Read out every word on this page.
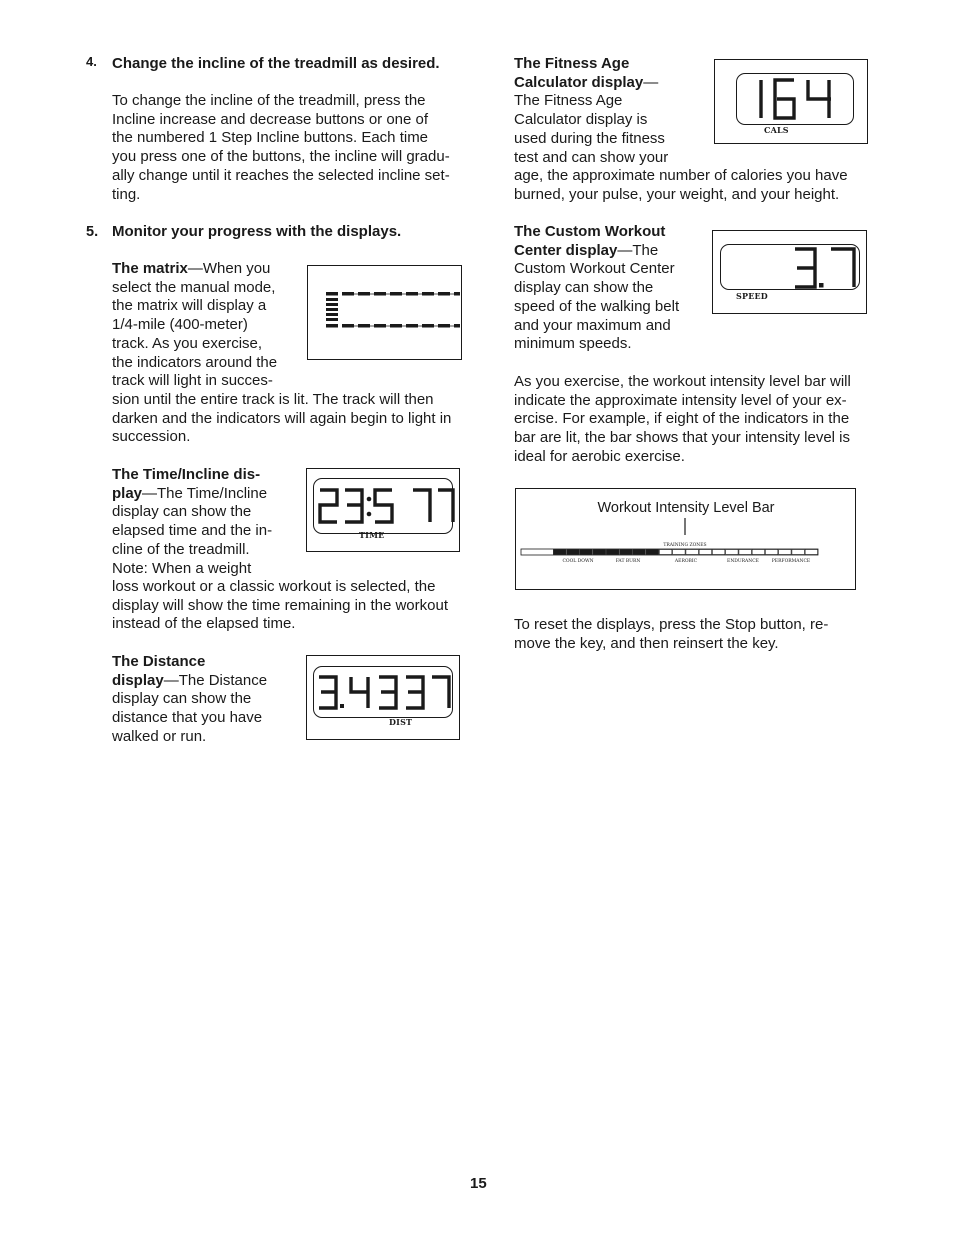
4. Change the incline of the treadmill as desired.

To change the incline of the treadmill, press the

Incline increase and decrease buttons or one of

the numbered 1 Step Incline buttons. Each time

you press one of the buttons, the incline will gradu-

ally change until it reaches the selected incline set-

ting.

5. Monitor your progress with the displays.

The matrix—When you

select the manual mode,

the matrix will display a

1/4-mile (400-meter)

track. As you exercise,

the indicators around the

track will light in succes-

sion until the entire track is lit. The track will then

darken and the indicators will again begin to light in

succession.

The Time/Incline dis-

play—The Time/Incline

display can show the

elapsed time and the in-

cline of the treadmill.

Note: When a weight

loss workout or a classic workout is selected, the

display will show the time remaining in the workout

instead of the elapsed time.

TIME

The Distance

display—The Distance

display can show the

distance that you have

walked or run.

DIST

The Fitness Age

Calculator display—

The Fitness Age

Calculator display is

used during the fitness

test and can show your

age, the approximate number of calories you have

burned, your pulse, your weight, and your height.

CALS

The Custom Workout

Center display—The

Custom Workout Center

display can show the

speed of the walking belt

and your maximum and

minimum speeds.

SPEED

As you exercise, the workout intensity level bar will

indicate the approximate intensity level of your ex-

ercise. For example, if eight of the indicators in the

bar are lit, the bar shows that your intensity level is

ideal for aerobic exercise.

Workout Intensity Level Bar
TRAINING ZONES
COOL DOWN	FAT BURN	AEROBIC	ENDURANCE	PERFORMANCE

To reset the displays, press the Stop button, re-

move the key, and then reinsert the key.

15
